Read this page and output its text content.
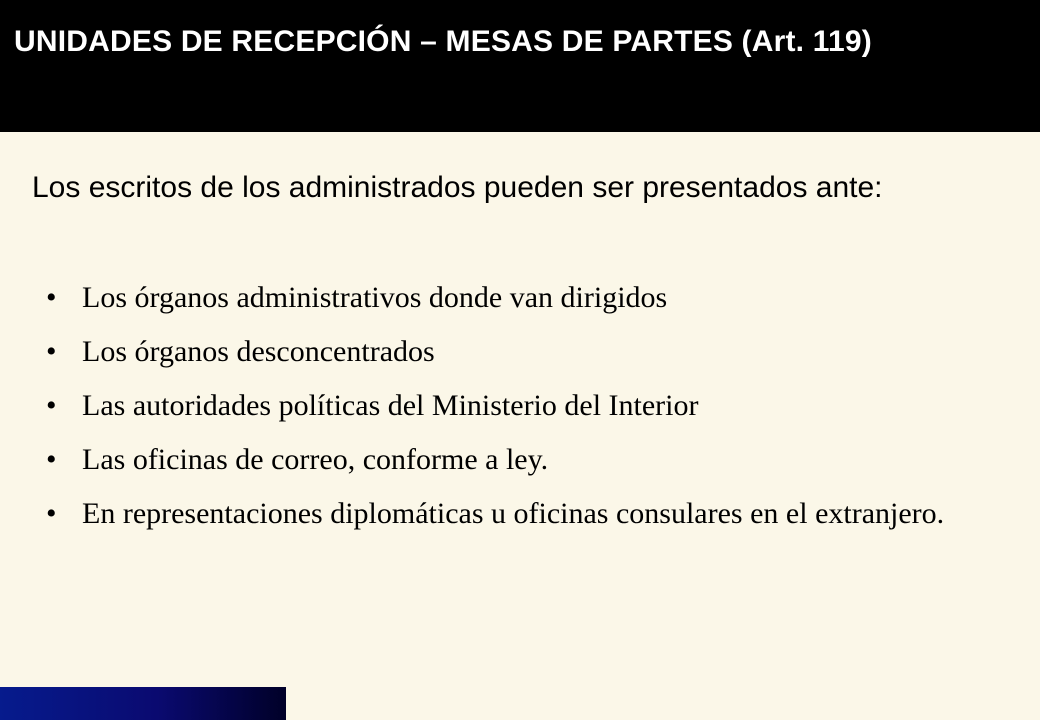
UNIDADES DE RECEPCIÓN – MESAS DE PARTES (Art. 119)

Los escritos de los administrados pueden ser presentados ante:

• Los órganos administrativos donde van dirigidos
• Los órganos desconcentrados
• Las autoridades políticas del Ministerio del Interior
• Las oficinas de correo, conforme a ley.
• En representaciones diplomáticas u oficinas consulares en el extranjero.
